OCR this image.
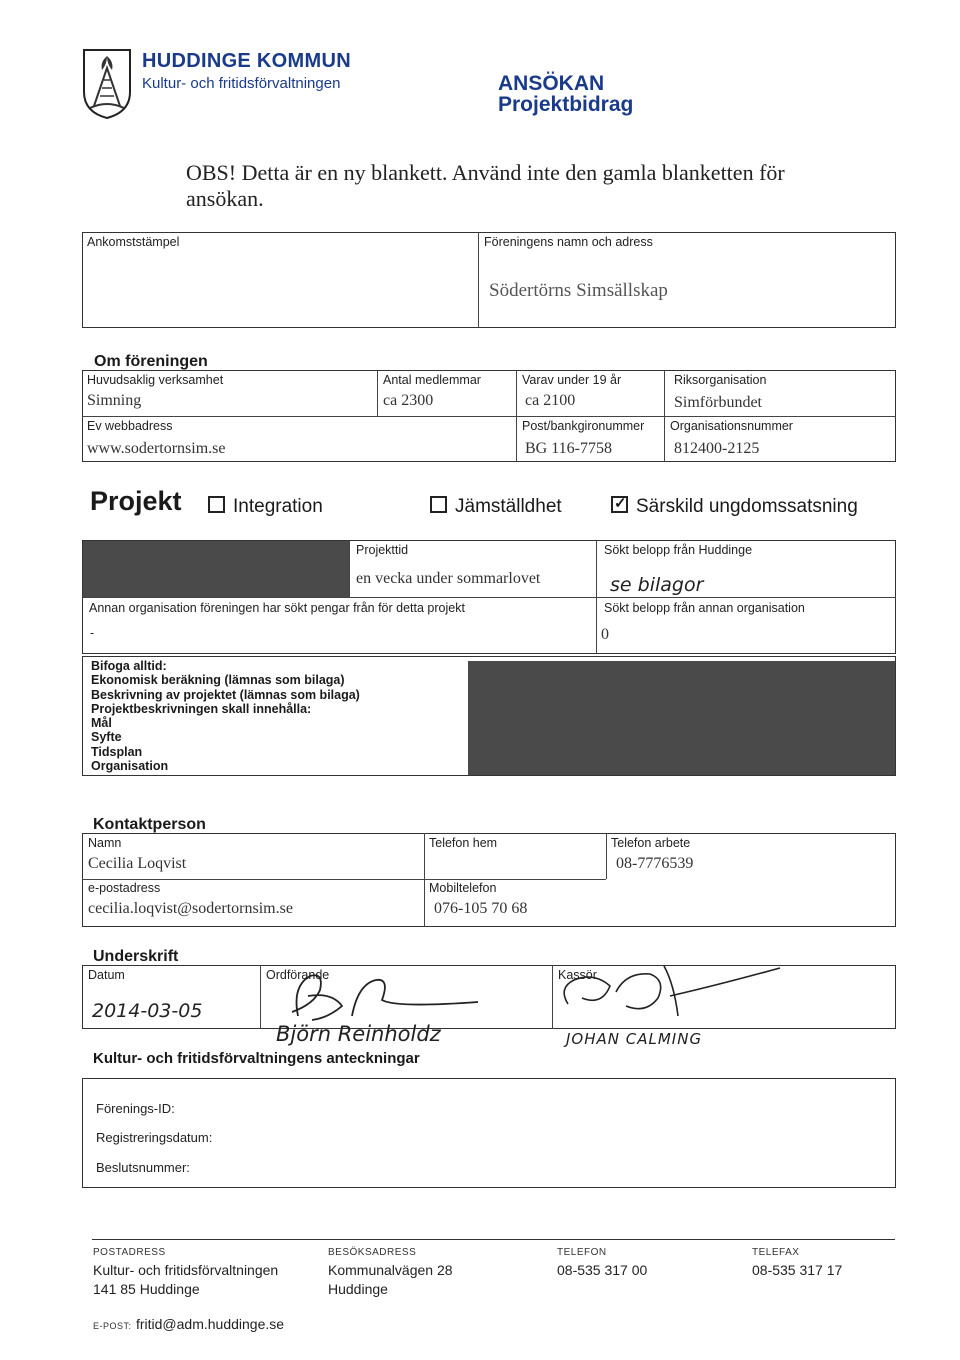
HUDDINGE KOMMUN
Kultur- och fritidsförvaltningen	ANSÖKAN
Projektbidrag
OBS! Detta är en ny blankett. Använd inte den gamla blanketten för
ansökan.
Ankomststämpel	Föreningens namn och adress
Södertörns Simsällskap
Om föreningen
Huvudsaklig verksamhet
Simning
Antal medlemmar
ca 2300
Varav under 19 år
ca 2100
Riksorganisation
Simförbundet
Ev webbadress
www.sodertornsim.se
Post/bankgironummer
BG 116-7758
Organisationsnummer
812400-2125
Projekt	Integration	Jämställdhet
✓	Särskild ungdomssatsning
Projekttid
en vecka under sommarlovet
Sökt belopp från Huddinge
se bilagor
Annan organisation föreningen har sökt pengar från för detta projekt
-
Sökt belopp från annan organisation
0
Bifoga alltid:
Ekonomisk beräkning (lämnas som bilaga)
Beskrivning av projektet (lämnas som bilaga)
Projektbeskrivningen skall innehålla:
Mål
Syfte
Tidsplan
Organisation
Kontaktperson
Namn
Cecilia Loqvist
Telefon hem	Telefon arbete
08-7776539
e-postadress
cecilia.loqvist@sodertornsim.se
Mobiltelefon
076-105 70 68
Underskrift
Datum
2014-03-05
Ordförande	Kassör
Björn Reinholdz	JOHAN CALMING
Kultur- och fritidsförvaltningens anteckningar
Förenings-ID:
Registreringsdatum:
Beslutsnummer:
POSTADRESS
Kultur- och fritidsförvaltningen
141 85 Huddinge
BESÖKSADRESS
Kommunalvägen 28
Huddinge
TELEFON
08-535 317 00
TELEFAX
08-535 317 17
E-POST: fritid@adm.huddinge.se
